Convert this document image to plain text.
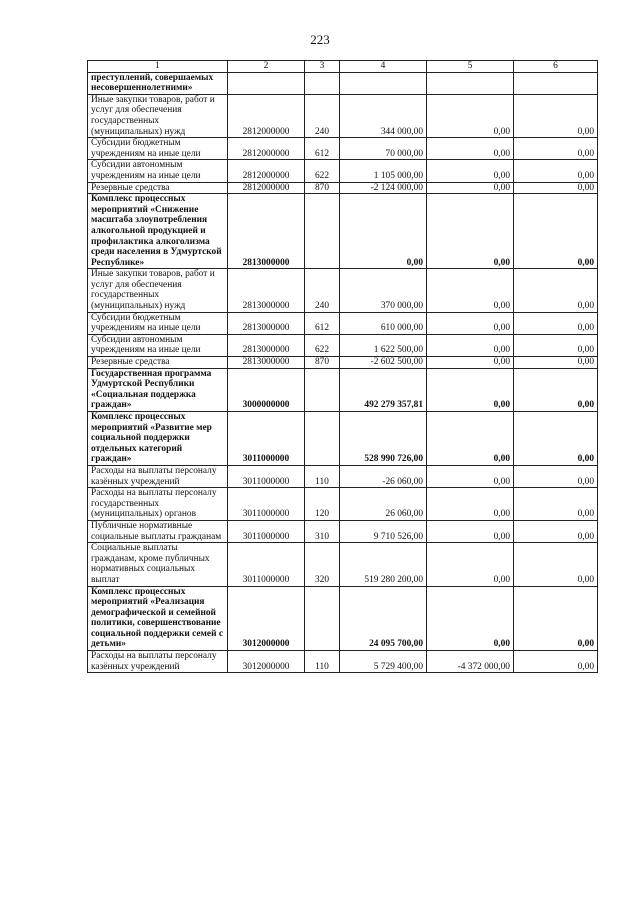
223
1	2	3	4	5	6
преступлений, совершаемых несовершеннолетними»					
Иные закупки товаров, работ и услуг для обеспечения государственных (муниципальных) нужд	2812000000	240	344 000,00	0,00	0,00
Субсидии бюджетным учреждениям на иные цели	2812000000	612	70 000,00	0,00	0,00
Субсидии автономным учреждениям на иные цели	2812000000	622	1 105 000,00	0,00	0,00
Резервные средства	2812000000	870	-2 124 000,00	0,00	0,00
Комплекс процессных мероприятий «Снижение масштаба злоупотребления алкогольной продукцией и профилактика алкоголизма среди населения в Удмуртской Республике»	2813000000		0,00	0,00	0,00
Иные закупки товаров, работ и услуг для обеспечения государственных (муниципальных) нужд	2813000000	240	370 000,00	0,00	0,00
Субсидии бюджетным учреждениям на иные цели	2813000000	612	610 000,00	0,00	0,00
Субсидии автономным учреждениям на иные цели	2813000000	622	1 622 500,00	0,00	0,00
Резервные средства	2813000000	870	-2 602 500,00	0,00	0,00
Государственная программа Удмуртской Республики «Социальная поддержка граждан»	3000000000		492 279 357,81	0,00	0,00
Комплекс процессных мероприятий «Развитие мер социальной поддержки отдельных категорий граждан»	3011000000		528 990 726,00	0,00	0,00
Расходы на выплаты персоналу казённых учреждений	3011000000	110	-26 060,00	0,00	0,00
Расходы на выплаты персоналу государственных (муниципальных) органов	3011000000	120	26 060,00	0,00	0,00
Публичные нормативные социальные выплаты гражданам	3011000000	310	9 710 526,00	0,00	0,00
Социальные выплаты гражданам, кроме публичных нормативных социальных выплат	3011000000	320	519 280 200,00	0,00	0,00
Комплекс процессных мероприятий «Реализация демографической и семейной политики, совершенствование социальной поддержки семей с детьми»	3012000000		24 095 700,00	0,00	0,00
Расходы на выплаты персоналу казённых учреждений	3012000000	110	5 729 400,00	-4 372 000,00	0,00
